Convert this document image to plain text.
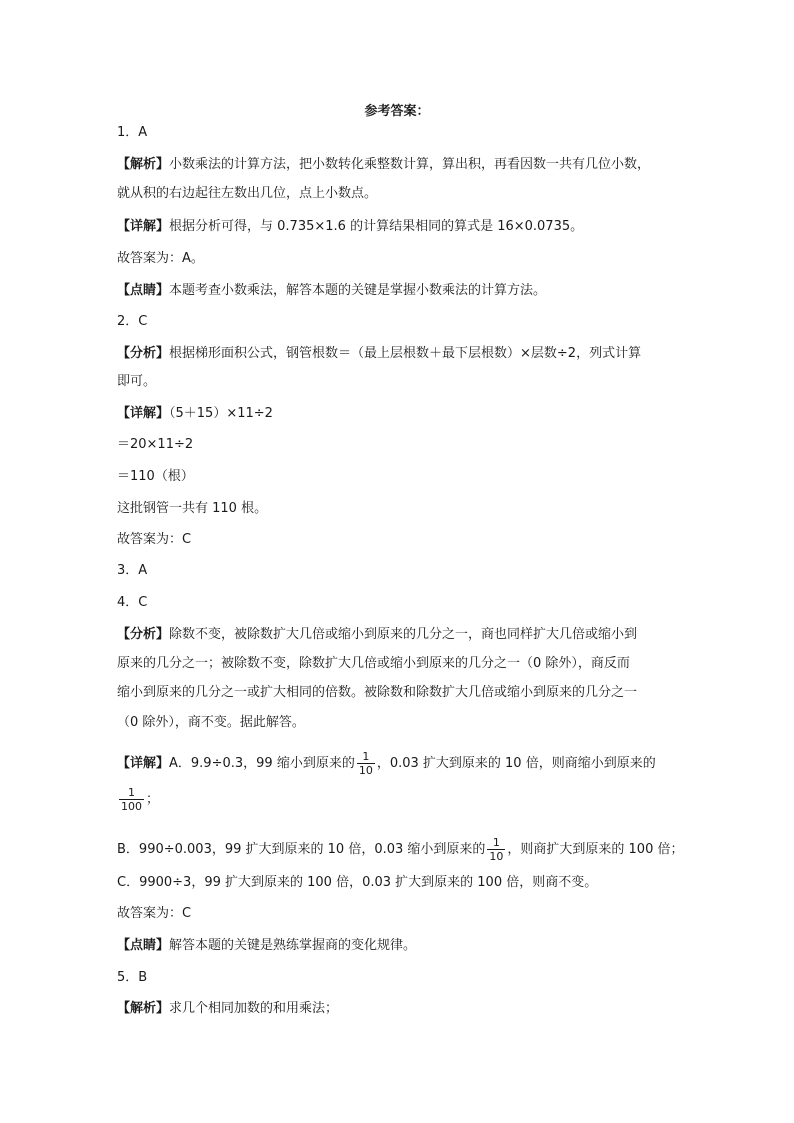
参考答案：
1．A
【解析】小数乘法的计算方法，把小数转化乘整数计算，算出积，再看因数一共有几位小数，
就从积的右边起往左数出几位，点上小数点。
【详解】根据分析可得，与 0.735×1.6 的计算结果相同的算式是 16×0.0735。
故答案为：A。
【点睛】本题考查小数乘法，解答本题的关键是掌握小数乘法的计算方法。
2．C
【分析】根据梯形面积公式，钢管根数＝（最上层根数＋最下层根数）×层数÷2，列式计算
即可。
【详解】（5＋15）×11÷2
＝20×11÷2
＝110（根）
这批钢管一共有 110 根。
故答案为：C
3．A
4．C
【分析】除数不变，被除数扩大几倍或缩小到原来的几分之一，商也同样扩大几倍或缩小到
原来的几分之一；被除数不变，除数扩大几倍或缩小到原来的几分之一（0 除外），商反而
缩小到原来的几分之一或扩大相同的倍数。被除数和除数扩大几倍或缩小到原来的几分之一
（0 除外），商不变。据此解答。
【详解】A．9.9÷0.3，99 缩小到原来的 $\frac{1}{10}$ ，0.03 扩大到原来的 10 倍，则商缩小到原来的
$\frac{1}{100}$ ；
B．990÷0.003，99 扩大到原来的 10 倍，0.03 缩小到原来的 $\frac{1}{10}$ ，则商扩大到原来的 100 倍；
C．9900÷3，99 扩大到原来的 100 倍，0.03 扩大到原来的 100 倍，则商不变。
故答案为：C
【点睛】解答本题的关键是熟练掌握商的变化规律。
5．B
【解析】求几个相同加数的和用乘法；
